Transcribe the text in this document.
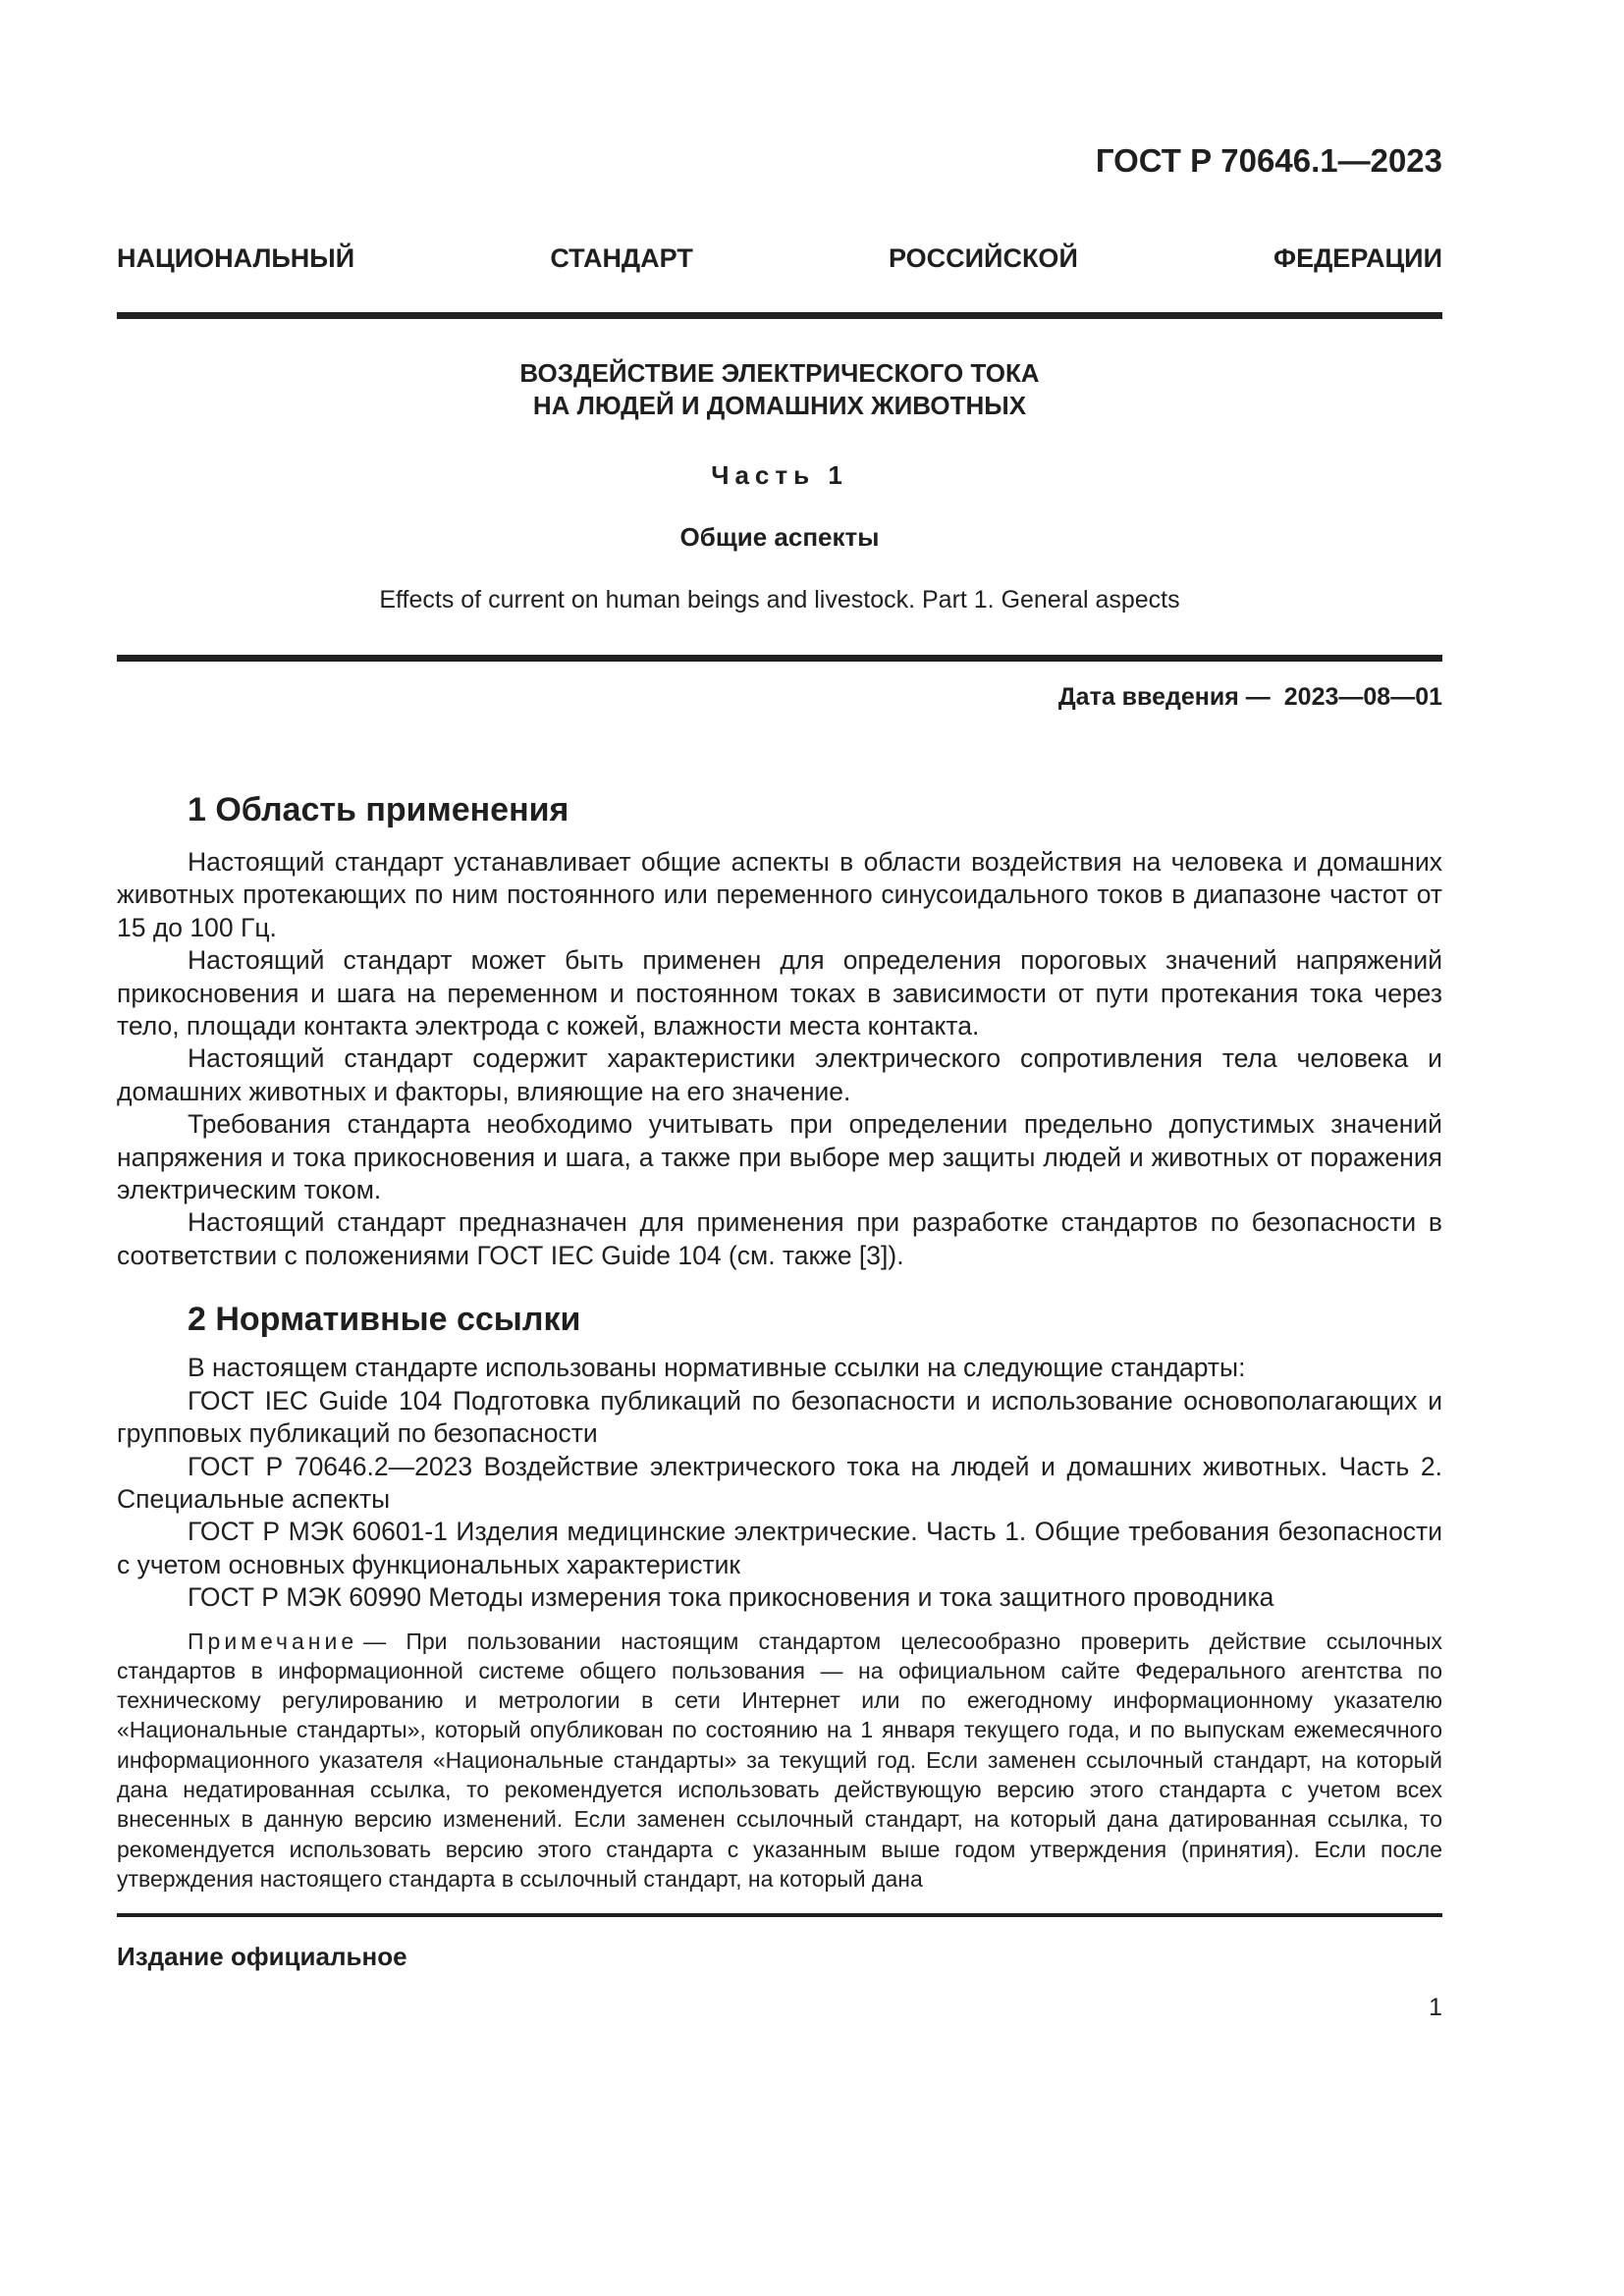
ГОСТ Р 70646.1—2023
НАЦИОНАЛЬНЫЙ СТАНДАРТ РОССИЙСКОЙ ФЕДЕРАЦИИ
ВОЗДЕЙСТВИЕ ЭЛЕКТРИЧЕСКОГО ТОКА
НА ЛЮДЕЙ И ДОМАШНИХ ЖИВОТНЫХ
Часть 1
Общие аспекты
Effects of current on human beings and livestock. Part 1. General aspects
Дата введения — 2023—08—01
1 Область применения

Настоящий стандарт устанавливает общие аспекты в области воздействия на человека и домашних животных протекающих по ним постоянного или переменного синусоидального токов в диапазоне частот от 15 до 100 Гц.

Настоящий стандарт может быть применен для определения пороговых значений напряжений прикосновения и шага на переменном и постоянном токах в зависимости от пути протекания тока через тело, площади контакта электрода с кожей, влажности места контакта.

Настоящий стандарт содержит характеристики электрического сопротивления тела человека и домашних животных и факторы, влияющие на его значение.

Требования стандарта необходимо учитывать при определении предельно допустимых значений напряжения и тока прикосновения и шага, а также при выборе мер защиты людей и животных от поражения электрическим током.

Настоящий стандарт предназначен для применения при разработке стандартов по безопасности в соответствии с положениями ГОСТ IEC Guide 104 (см. также [3]).

2 Нормативные ссылки

В настоящем стандарте использованы нормативные ссылки на следующие стандарты:

ГОСТ IEC Guide 104 Подготовка публикаций по безопасности и использование основополагающих и групповых публикаций по безопасности

ГОСТ Р 70646.2—2023 Воздействие электрического тока на людей и домашних животных. Часть 2. Специальные аспекты

ГОСТ Р МЭК 60601-1 Изделия медицинские электрические. Часть 1. Общие требования безопасности с учетом основных функциональных характеристик

ГОСТ Р МЭК 60990 Методы измерения тока прикосновения и тока защитного проводника

Примечание — При пользовании настоящим стандартом целесообразно проверить действие ссылочных стандартов в информационной системе общего пользования — на официальном сайте Федерального агентства по техническому регулированию и метрологии в сети Интернет или по ежегодному информационному указателю «Национальные стандарты», который опубликован по состоянию на 1 января текущего года, и по выпускам ежемесячного информационного указателя «Национальные стандарты» за текущий год. Если заменен ссылочный стандарт, на который дана недатированная ссылка, то рекомендуется использовать действующую версию этого стандарта с учетом всех внесенных в данную версию изменений. Если заменен ссылочный стандарт, на который дана датированная ссылка, то рекомендуется использовать версию этого стандарта с указанным выше годом утверждения (принятия). Если после утверждения настоящего стандарта в ссылочный стандарт, на который дана
Издание официальное
1
